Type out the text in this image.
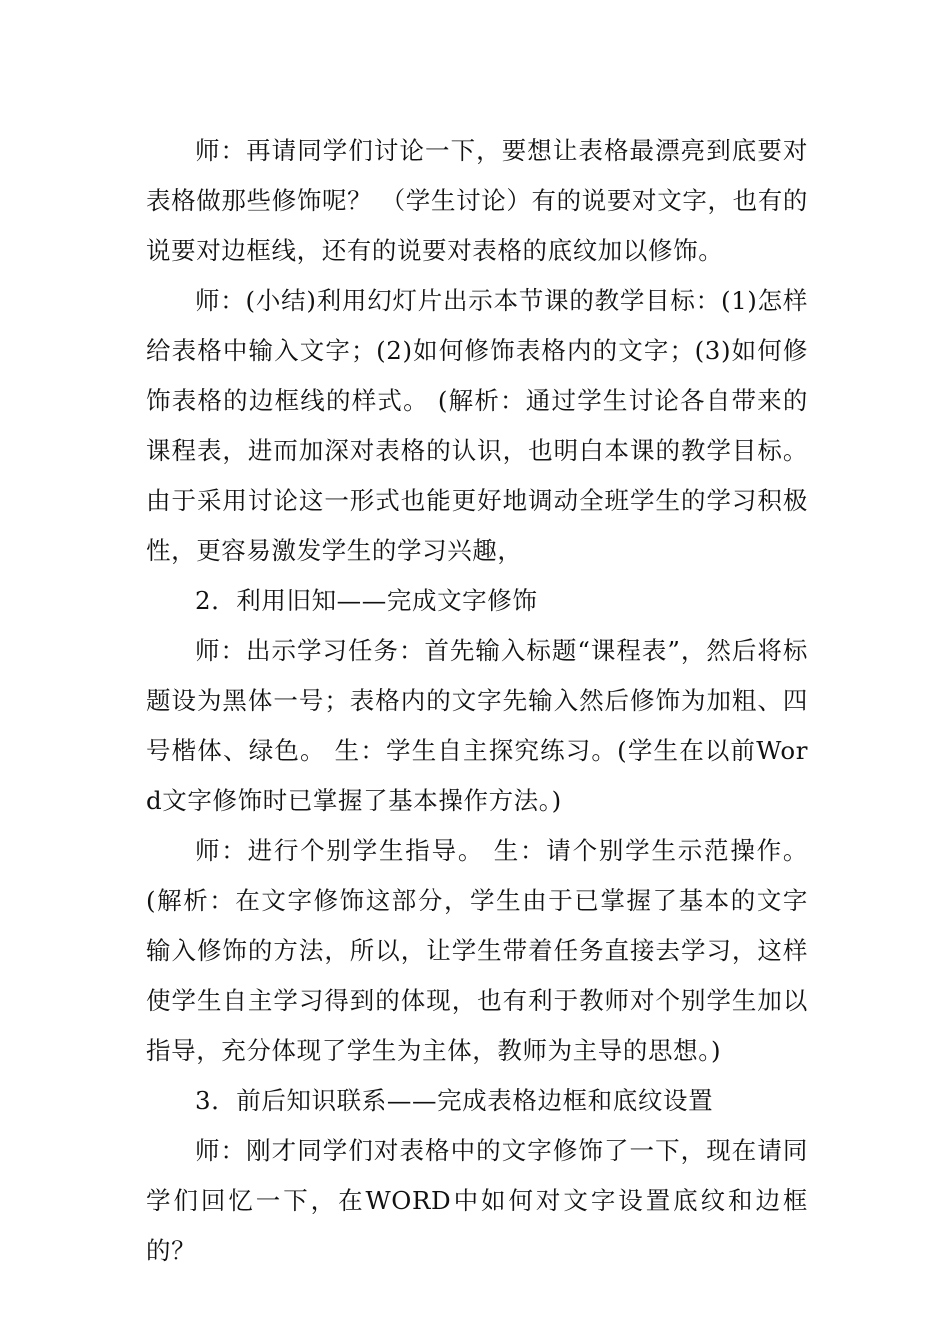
师：再请同学们讨论一下，要想让表格最漂亮到底要对表格做那些修饰呢？ （学生讨论）有的说要对文字，也有的说要对边框线，还有的说要对表格的底纹加以修饰。

师：(小结)利用幻灯片出示本节课的教学目标：(1)怎样给表格中输入文字；(2)如何修饰表格内的文字；(3)如何修饰表格的边框线的样式。 (解析：通过学生讨论各自带来的课程表，进而加深对表格的认识，也明白本课的教学目标。由于采用讨论这一形式也能更好地调动全班学生的学习积极性，更容易激发学生的学习兴趣，

2．利用旧知——完成文字修饰

师：出示学习任务：首先输入标题“课程表”，然后将标题设为黑体一号；表格内的文字先输入然后修饰为加粗、四号楷体、绿色。 生：学生自主探究练习。(学生在以前Word文字修饰时已掌握了基本操作方法。)

师：进行个别学生指导。 生：请个别学生示范操作。(解析：在文字修饰这部分，学生由于已掌握了基本的文字输入修饰的方法，所以，让学生带着任务直接去学习，这样使学生自主学习得到的体现，也有利于教师对个别学生加以指导，充分体现了学生为主体，教师为主导的思想。)

3．前后知识联系——完成表格边框和底纹设置

师：刚才同学们对表格中的文字修饰了一下，现在请同学们回忆一下，在WORD中如何对文字设置底纹和边框的？
